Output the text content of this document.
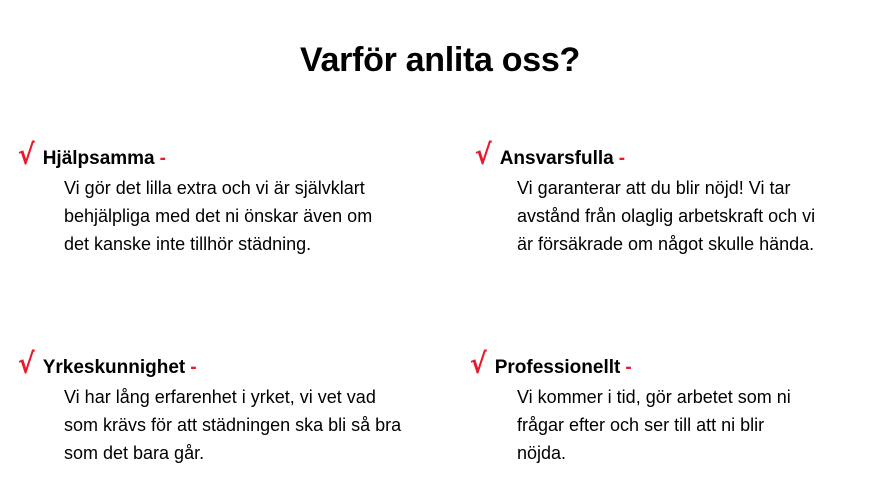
Varför anlita oss?
√ Hjälpsamma -
Vi gör det lilla extra och vi är självklart
behjälpliga med det ni önskar även om
det kanske inte tillhör städning.
√ Ansvarsfulla -
Vi garanterar att du blir nöjd! Vi tar
avstånd från olaglig arbetskraft och vi
är försäkrade om något skulle hända.
√ Yrkeskunnighet -
Vi har lång erfarenhet i yrket, vi vet vad
som krävs för att städningen ska bli så bra
som det bara går.
√ Professionellt -
Vi kommer i tid, gör arbetet som ni
frågar efter och ser till att ni blir
nöjda.
